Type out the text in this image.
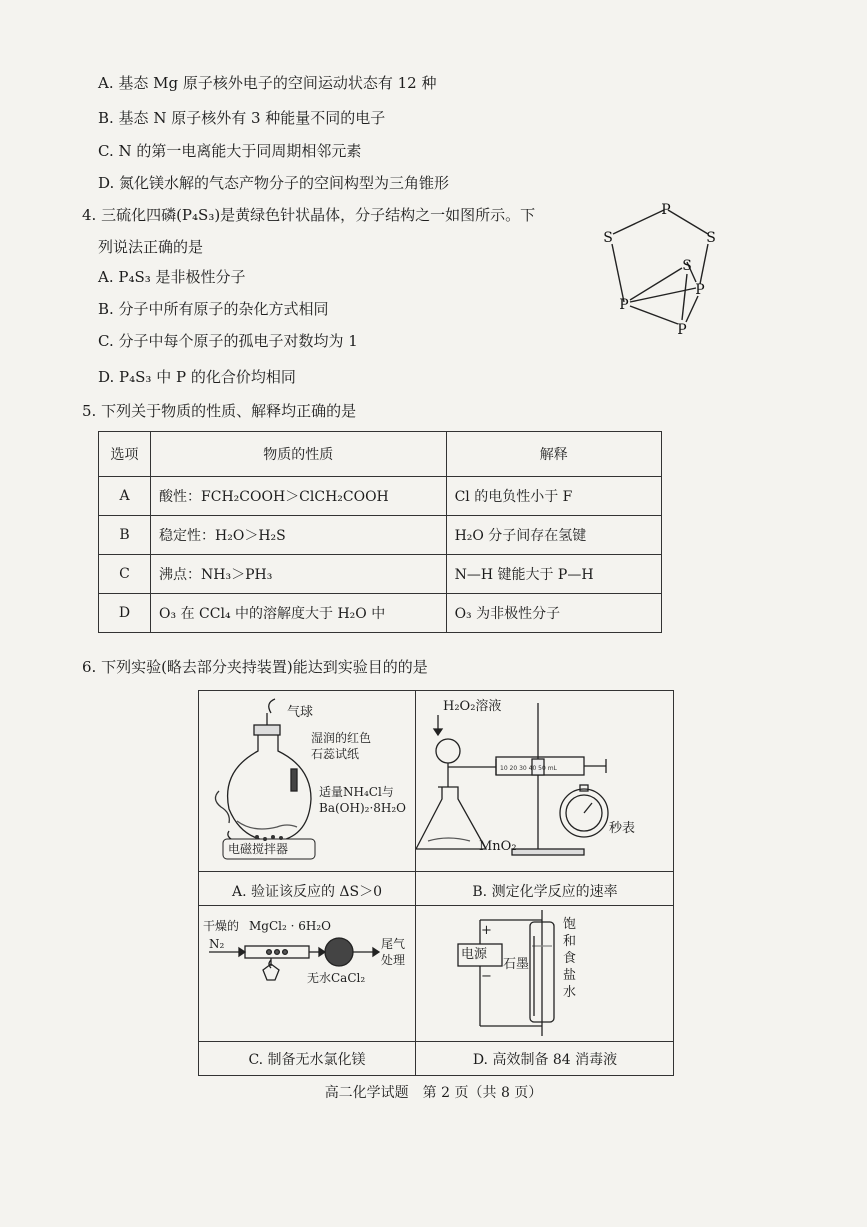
A. 基态 Mg 原子核外电子的空间运动状态有 12 种
B. 基态 N 原子核外有 3 种能量不同的电子
C. N 的第一电离能大于同周期相邻元素
D. 氮化镁水解的气态产物分子的空间构型为三角锥形
4. 三硫化四磷(P₄S₃)是黄绿色针状晶体，分子结构之一如图所示。下
列说法正确的是
A. P₄S₃ 是非极性分子
B. 分子中所有原子的杂化方式相同
C. 分子中每个原子的孤电子对数均为 1
D. P₄S₃ 中 P 的化合价均相同
P
S	S
S
P
P
P
5. 下列关于物质的性质、解释均正确的是
选项	物质的性质	解释
A	酸性：FCH₂COOH＞ClCH₂COOH	Cl 的电负性小于 F
B	稳定性：H₂O＞H₂S	H₂O 分子间存在氢键
C	沸点：NH₃＞PH₃	N—H 键能大于 P—H
D	O₃ 在 CCl₄ 中的溶解度大于 H₂O 中	O₃ 为非极性分子
6. 下列实验(略去部分夹持装置)能达到实验目的的是
气球
湿润的红色
石蕊试纸
适量NH₄Cl与
Ba(OH)₂·8H₂O
电磁搅拌器
A. 验证该反应的 ΔS＞0
10 20 30 40 50 mL
H₂O₂溶液
MnO₂
秒表
B. 测定化学反应的速率
干燥的 MgCl₂ · 6H₂O
N₂
无水CaCl₂
尾气
处理
C. 制备无水氯化镁
+
电源
−
石墨
饱和食盐水
D. 高效制备 84 消毒液
高二化学试题　第 2 页（共 8 页）
